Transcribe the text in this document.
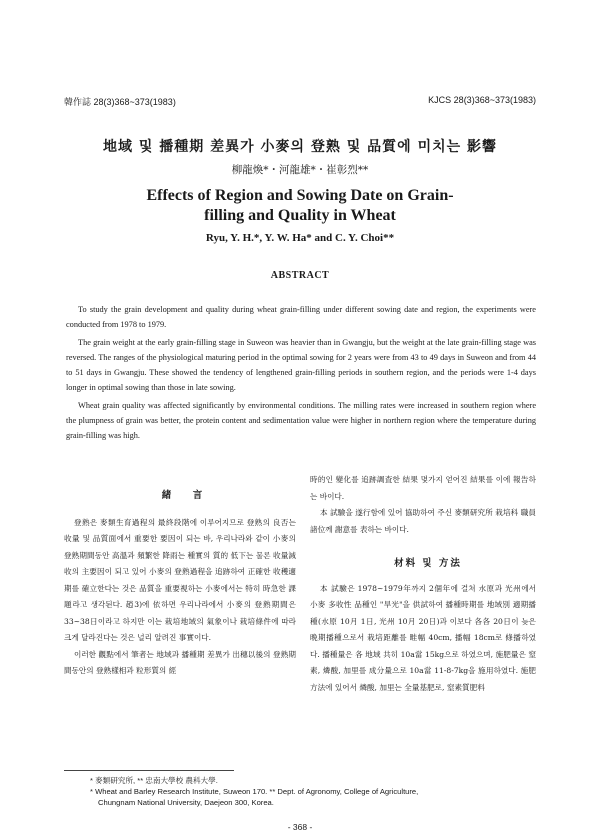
韓作誌 28(3)368~373(1983)	KJCS 28(3)368~373(1983)
地域 및 播種期 差異가 小麥의 登熟 및 品質에 미치는 影響
柳龍煥*・河龍雄*・崔彰烈**
Effects of Region and Sowing Date on Grain-
filling and Quality in Wheat
Ryu, Y. H.*, Y. W. Ha* and C. Y. Choi**
ABSTRACT

To study the grain development and quality during wheat grain-filling under different sowing date and region, the experiments were conducted from 1978 to 1979.

The grain weight at the early grain-filling stage in Suweon was heavier than in Gwangju, but the weight at the late grain-filling stage was reversed. The ranges of the physiological maturing period in the optimal sowing for 2 years were from 43 to 49 days in Suweon and from 44 to 51 days in Gwangju. These showed the tendency of lengthened grain-filling periods in southern region, and the periods were 1-4 days longer in optimal sowing than those in late sowing.

Wheat grain quality was affected significantly by environmental conditions. The milling rates were increased in southern region where the plumpness of grain was better, the protein content and sedimentation value were higher in northern region where the temperature during grain-filling was high.

緒　言

登熟은 麥類生育過程의 最終段階에 이루어지므로 登熟의 良否는 收量 및 品質面에서 重要한 要因이 되는 바, 우리나라와 같이 小麥의 登熟期間동안 高溫과 頻繁한 降雨는 種實의 質的 低下는 물론 收量減收의 主要因이 되고 있어 小麥의 登熟過程을 追跡하여 正確한 收穫適期를 確立한다는 것은 品質을 重要視하는 小麥에서는 特히 時急한 課題라고 생각된다. 趙3)에 依하면 우리나라에서 小麥의 登熟期間은 33~38日이라고 하지만 이는 栽培地域의 氣象이나 栽培條件에 따라 크게 달라진다는 것은 널리 알려진 事實이다.

이러한 觀點에서 筆者는 地域과 播種期 差異가 出穗以後의 登熟期間동안의 登熟樣相과 粒形質의 經

時的인 變化를 追跡調査한 結果 몇가지 얻어진 結果를 이에 報告하는 바이다.

本 試驗을 遂行함에 있어 協助하여 주신 麥類研究所 栽培科 職員諸位께 謝意를 表하는 바이다.

材料 및 方法

本 試驗은 1978~1979年까지 2個年에 걸쳐 水原과 光州에서 小麥 多收性 品種인 "旱光"을 供試하여 播種時期를 地域別 適期播種(水原 10月 1日, 光州 10月 20日)과 이보다 各各 20日이 늦은 晩期播種으로서 栽培距離를 畦幅 40cm, 播幅 18cm로 條播하였다. 播種量은 各 地域 共히 10a當 15kg으로 하였으며, 施肥量은 窒素, 燐酸, 加里를 成分量으로 10a當 11-8-7kg을 施用하였다. 施肥方法에 있어서 燐酸, 加里는 全量基肥로, 窒素質肥料

* 麥類研究所, ** 忠南大學校 農科大學.
* Wheat and Barley Research Institute, Suweon 170. ** Dept. of Agronomy, College of Agriculture,
Chungnam National University, Daejeon 300, Korea.
- 368 -
